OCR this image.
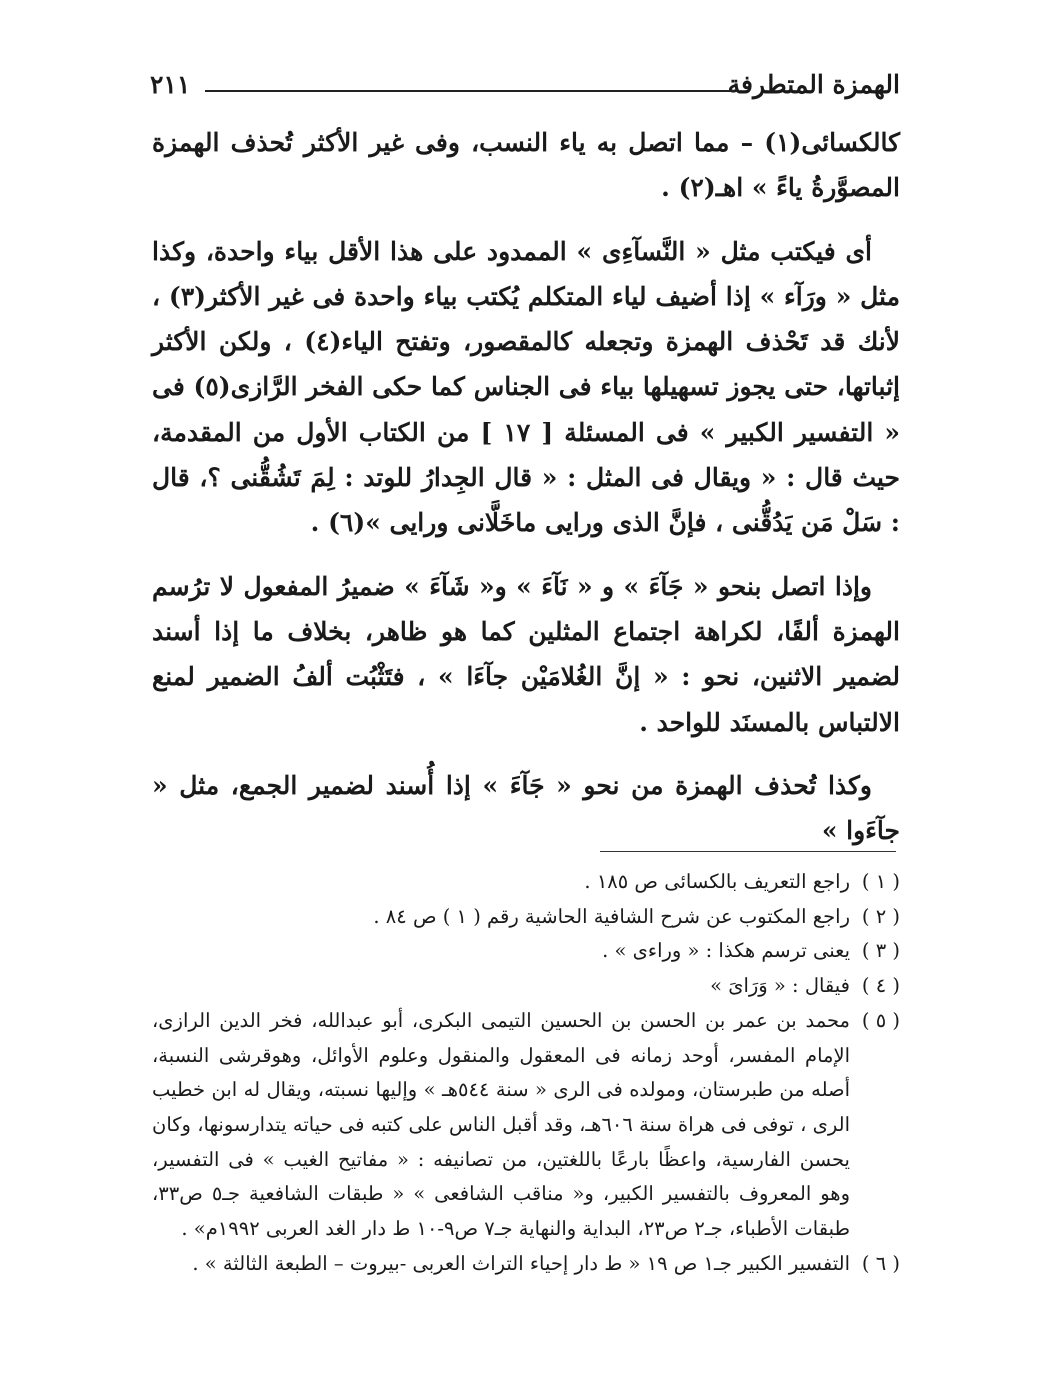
الهمزة المتطرفة
٢١١

كالكسائى(١) – مما اتصل به ياء النسب، وفى غير الأكثر تُحذف الهمزة المصوَّرةُ ياءً » اهـ(٢) .

أى فيكتب مثل « النَّسآءِى » الممدود على هذا الأقل بياء واحدة، وكذا مثل « ورَآء » إذا أضيف لياء المتكلم يُكتب بياء واحدة فى غير الأكثر(٣) ، لأنك قد تَحْذف الهمزة وتجعله كالمقصور، وتفتح الياء(٤) ، ولكن الأكثر إثباتها، حتى يجوز تسهيلها بياء فى الجناس كما حكى الفخر الرَّازى(٥) فى « التفسير الكبير » فى المسئلة [ ١٧ ] من الكتاب الأول من المقدمة، حيث قال : « ويقال فى المثل : « قال الجِدارُ للوتد : لِمَ تَشُقُّنى ؟، قال : سَلْ مَن يَدُقُّنى ، فإنَّ الذى ورايى ماخَلَّانى ورايى »(٦) .

وإذا اتصل بنحو « جَآءَ » و « نَآءَ » و« شَآءَ » ضميرُ المفعول لا ترُسم الهمزة ألفًا، لكراهة اجتماع المثلين كما هو ظاهر، بخلاف ما إذا أسند لضمير الاثنين، نحو : « إنَّ الغُلامَيْن جآءَا » ، فتَثْبُت ألفُ الضمير لمنع الالتباس بالمسنَد للواحد .

وكذا تُحذف الهمزة من نحو « جَآءَ » إذا أُسند لضمير الجمع، مثل « جآءَوا »

( ١ )
راجع التعريف بالكسائى ص ١٨٥ .

( ٢ )
راجع المكتوب عن شرح الشافية الحاشية رقم ( ١ ) ص ٨٤ .

( ٣ )
يعنى ترسم هكذا : « وراءى » .

( ٤ )
فيقال : « وَرَاىَ »

( ٥ )
محمد بن عمر بن الحسن بن الحسين التيمى البكرى، أبو عبدالله، فخر الدين الرازى، الإمام المفسر، أوحد زمانه فى المعقول والمنقول وعلوم الأوائل، وهوقرشى النسبة، أصله من طبرستان، ومولده فى الرى « سنة ٥٤٤هـ » وإليها نسبته، ويقال له ابن خطيب الرى ، توفى فى هراة سنة ٦٠٦هـ، وقد أقبل الناس على كتبه فى حياته يتدارسونها، وكان يحسن الفارسية، واعظًا بارعًا باللغتين، من تصانيفه : « مفاتيح الغيب » فى التفسير، وهو المعروف بالتفسير الكبير، و« مناقب الشافعى » « طبقات الشافعية جـ٥ ص٣٣، طبقات الأطباء، جـ٢ ص٢٣، البداية والنهاية جـ٧ ص٩-١٠ ط دار الغد العربى ١٩٩٢م» .

( ٦ )
التفسير الكبير جـ١ ص ١٩ « ط دار إحياء التراث العربى -بيروت – الطبعة الثالثة » .
